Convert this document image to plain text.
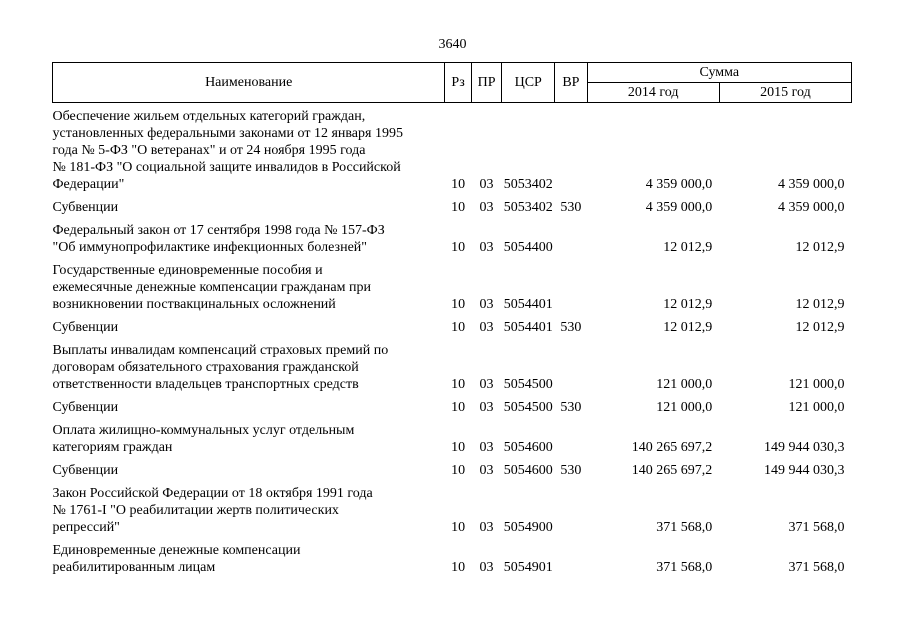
3640
Наименование	Рз	ПР	ЦСР	ВР	Сумма	
					2014 год	2015 год

Обеспечение жильем отдельных категорий граждан,
установленных федеральными законами от 12 января 1995
года № 5-ФЗ "О ветеранах" и от 24 ноября 1995 года
№ 181-ФЗ "О социальной защите инвалидов в Российской
Федерации"	10	03	5053402		4 359 000,0	4 359 000,0

Субвенции	10	03	5053402	530	4 359 000,0	4 359 000,0

Федеральный закон от 17 сентября 1998 года № 157-ФЗ
"Об иммунопрофилактике инфекционных болезней"	10	03	5054400		12 012,9	12 012,9

Государственные единовременные пособия и
ежемесячные денежные компенсации гражданам при
возникновении поствакцинальных осложнений	10	03	5054401		12 012,9	12 012,9

Субвенции	10	03	5054401	530	12 012,9	12 012,9

Выплаты инвалидам компенсаций страховых премий по
договорам обязательного страхования гражданской
ответственности владельцев транспортных средств	10	03	5054500		121 000,0	121 000,0

Субвенции	10	03	5054500	530	121 000,0	121 000,0

Оплата жилищно-коммунальных услуг отдельным
категориям граждан	10	03	5054600		140 265 697,2	149 944 030,3

Субвенции	10	03	5054600	530	140 265 697,2	149 944 030,3

Закон Российской Федерации от 18 октября 1991 года
№ 1761-I "О реабилитации жертв политических
репрессий"	10	03	5054900		371 568,0	371 568,0

Единовременные денежные компенсации
реабилитированным лицам	10	03	5054901		371 568,0	371 568,0
